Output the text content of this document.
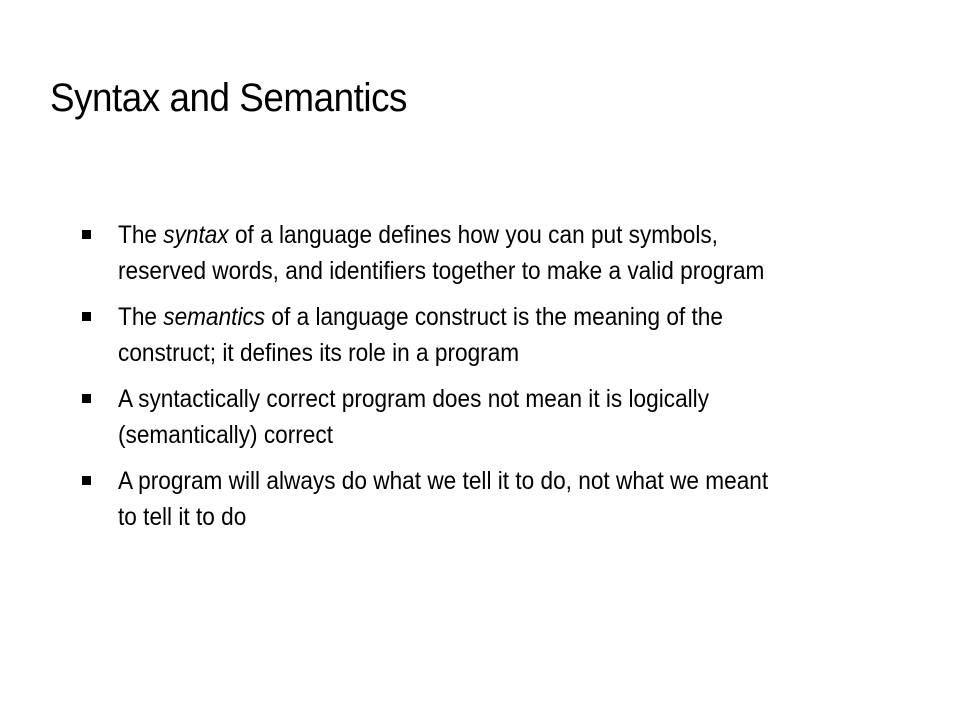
Syntax and Semantics
The syntax of a language defines how you can put symbols,
reserved words, and identifiers together to make a valid program
The semantics of a language construct is the meaning of the
construct; it defines its role in a program
A syntactically correct program does not mean it is logically
(semantically) correct
A program will always do what we tell it to do, not what we meant
to tell it to do
